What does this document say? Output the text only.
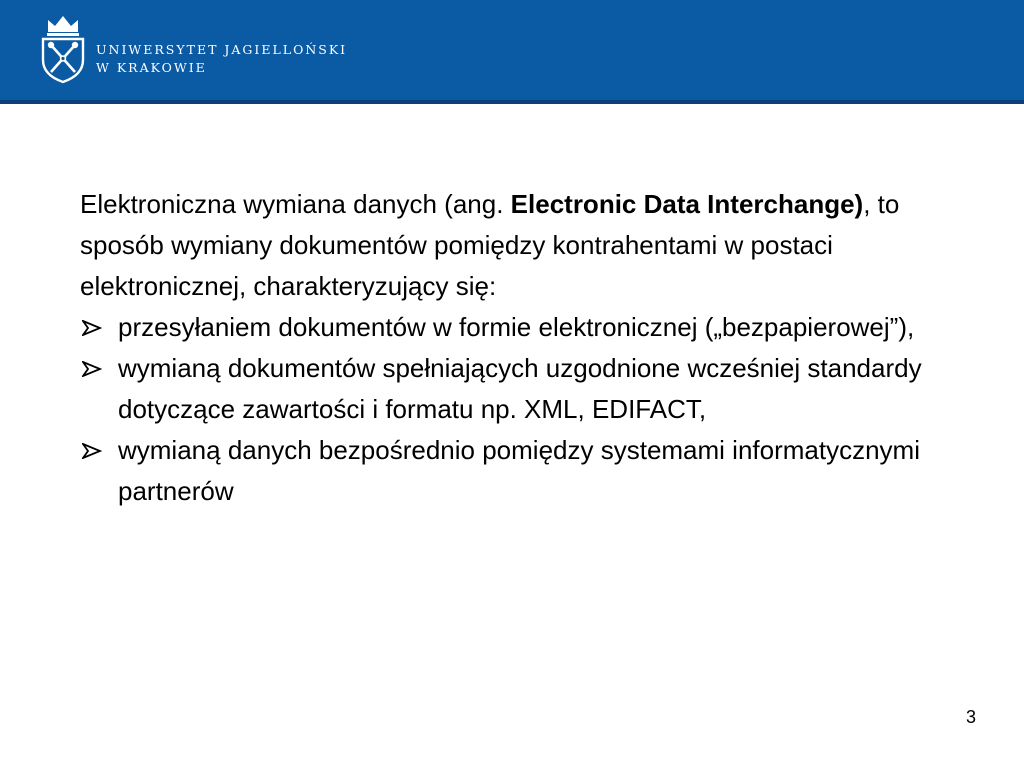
UNIWERSYTET JAGIELLOŃSKI
W KRAKOWIE

Elektroniczna wymiana danych (ang. Electronic Data Interchange), to sposób wymiany dokumentów pomiędzy kontrahentami w postaci elektronicznej, charakteryzujący się:

przesyłaniem dokumentów w formie elektronicznej („bezpapierowej”),
wymianą dokumentów spełniających uzgodnione wcześniej standardy dotyczące zawartości i formatu np. XML, EDIFACT,
wymianą danych bezpośrednio pomiędzy systemami informatycznymi partnerów
3
